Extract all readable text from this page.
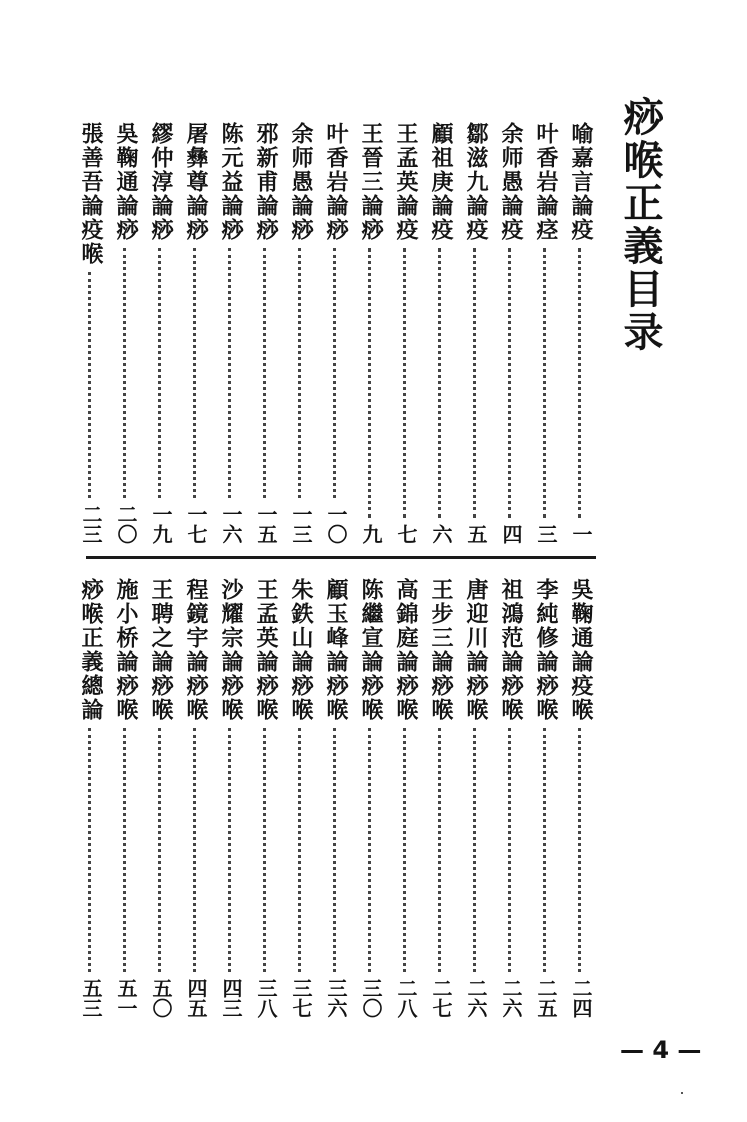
痧喉正義目录
喻嘉言論疫
一
叶香岩論痉
三
余师愚論疫
四
鄒滋九論疫
五
顧祖庚論疫
六
王孟英論疫
七
王晉三論痧
九
叶香岩論痧
一〇
余师愚論痧
一三
邪新甫論痧
一五
陈元益論痧
一六
屠彝尊論痧
一七
繆仲淳論痧
一九
吳鞠通論痧
二〇
張善吾論疫喉
二三
吳鞠通論疫喉
二四
李純修論痧喉
二五
祖鴻范論痧喉
二六
唐迎川論痧喉
二六
王步三論痧喉
二七
高錦庭論痧喉
二八
陈繼宣論痧喉
三〇
顧玉峰論痧喉
三六
朱鉄山論痧喉
三七
王孟英論痧喉
三八
沙耀宗論痧喉
四三
程鏡宇論痧喉
四五
王聘之論痧喉
五〇
施小桥論痧喉
五一
痧喉正義總論
五三
— 4 —
